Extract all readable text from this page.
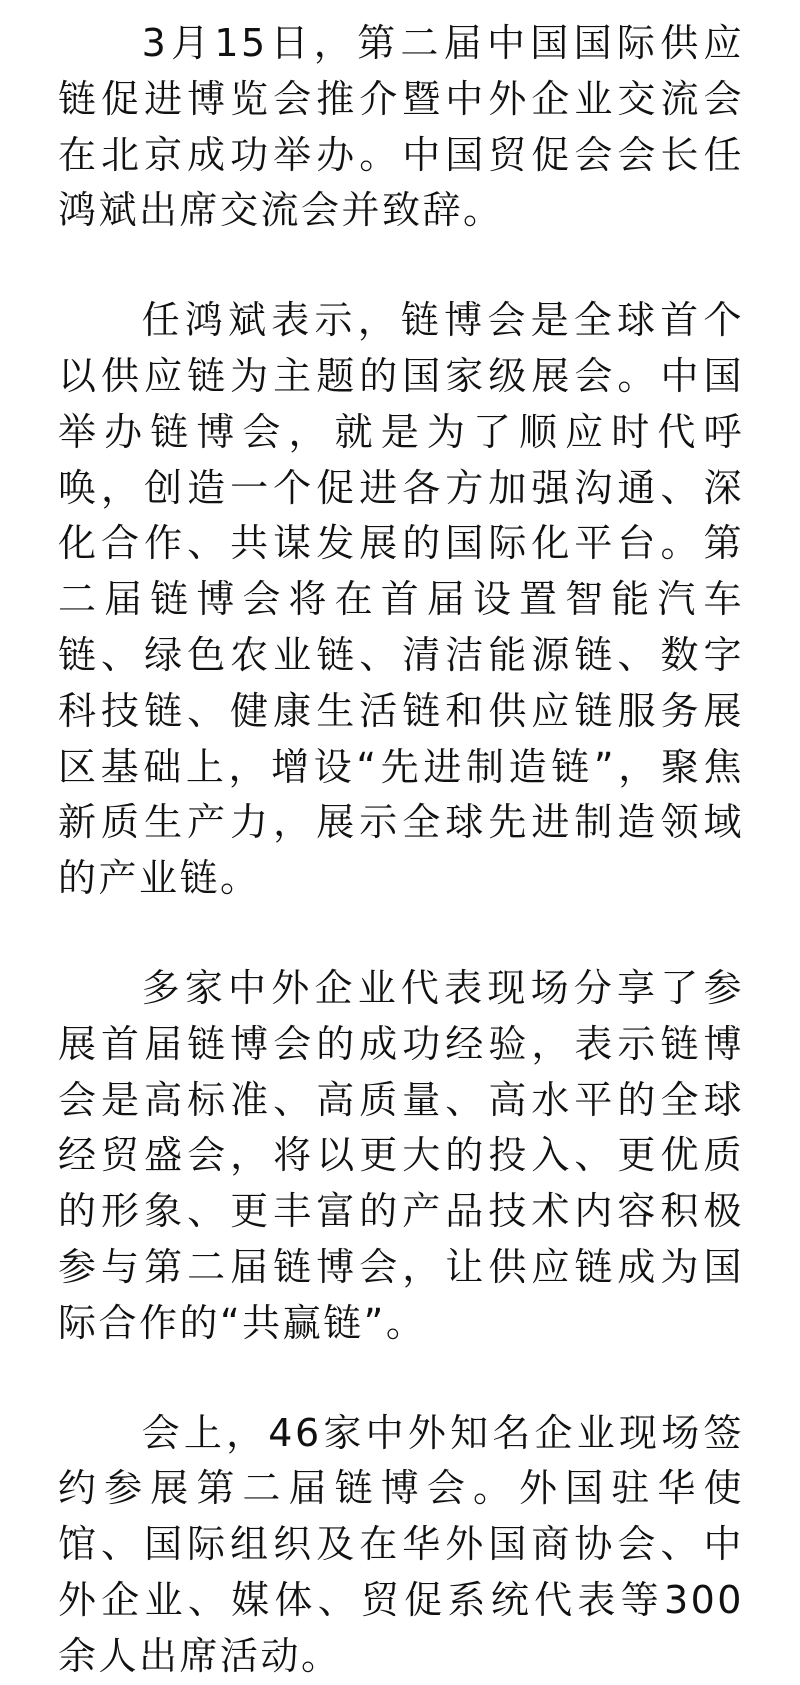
3月15日，第二届中国国际供应链促进博览会推介暨中外企业交流会在北京成功举办。中国贸促会会长任鸿斌出席交流会并致辞。

任鸿斌表示，链博会是全球首个以供应链为主题的国家级展会。中国举办链博会，就是为了顺应时代呼唤，创造一个促进各方加强沟通、深化合作、共谋发展的国际化平台。第二届链博会将在首届设置智能汽车链、绿色农业链、清洁能源链、数字科技链、健康生活链和供应链服务展区基础上，增设“先进制造链”，聚焦新质生产力，展示全球先进制造领域的产业链。

多家中外企业代表现场分享了参展首届链博会的成功经验，表示链博会是高标准、高质量、高水平的全球经贸盛会，将以更大的投入、更优质的形象、更丰富的产品技术内容积极参与第二届链博会，让供应链成为国际合作的“共赢链”。

会上，46家中外知名企业现场签约参展第二届链博会。外国驻华使馆、国际组织及在华外国商协会、中外企业、媒体、贸促系统代表等300余人出席活动。
